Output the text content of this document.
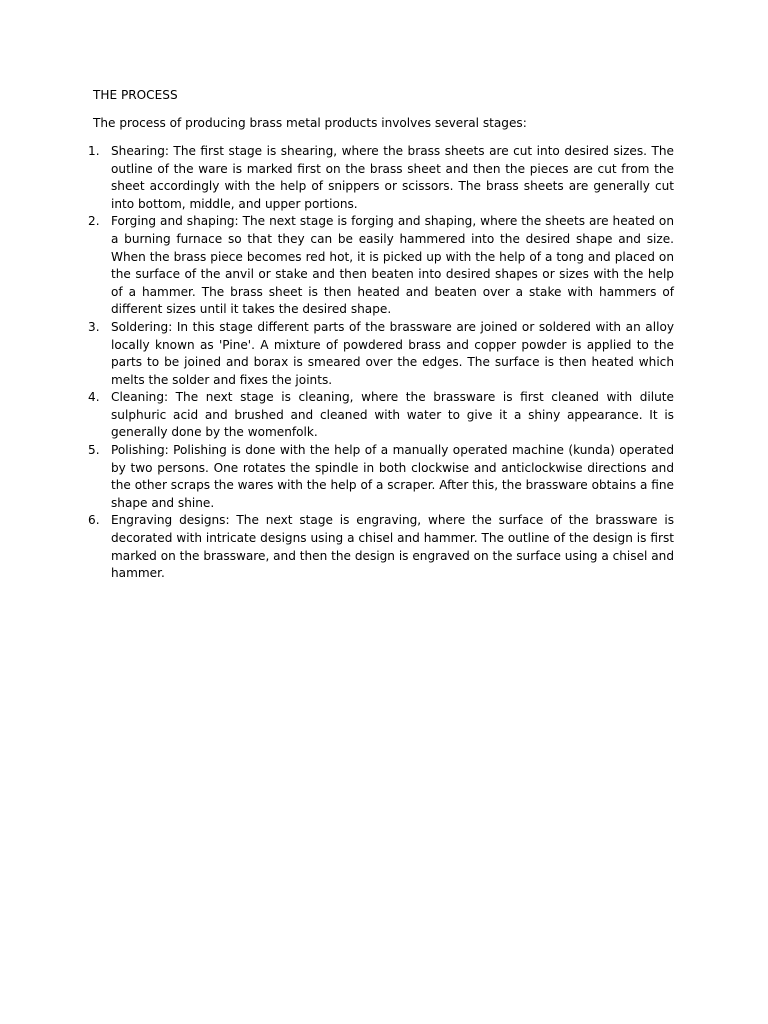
THE PROCESS

The process of producing brass metal products involves several stages:

1. Shearing: The first stage is shearing, where the brass sheets are cut into desired sizes. The outline of the ware is marked first on the brass sheet and then the pieces are cut from the sheet accordingly with the help of snippers or scissors. The brass sheets are generally cut into bottom, middle, and upper portions.
2. Forging and shaping: The next stage is forging and shaping, where the sheets are heated on a burning furnace so that they can be easily hammered into the desired shape and size. When the brass piece becomes red hot, it is picked up with the help of a tong and placed on the surface of the anvil or stake and then beaten into desired shapes or sizes with the help of a hammer. The brass sheet is then heated and beaten over a stake with hammers of different sizes until it takes the desired shape.
3. Soldering: In this stage different parts of the brassware are joined or soldered with an alloy locally known as 'Pine'. A mixture of powdered brass and copper powder is applied to the parts to be joined and borax is smeared over the edges. The surface is then heated which melts the solder and fixes the joints.
4. Cleaning: The next stage is cleaning, where the brassware is first cleaned with dilute sulphuric acid and brushed and cleaned with water to give it a shiny appearance. It is generally done by the womenfolk.
5. Polishing: Polishing is done with the help of a manually operated machine (kunda) operated by two persons. One rotates the spindle in both clockwise and anticlockwise directions and the other scraps the wares with the help of a scraper. After this, the brassware obtains a fine shape and shine.
6. Engraving designs: The next stage is engraving, where the surface of the brassware is decorated with intricate designs using a chisel and hammer. The outline of the design is first marked on the brassware, and then the design is engraved on the surface using a chisel and hammer.
